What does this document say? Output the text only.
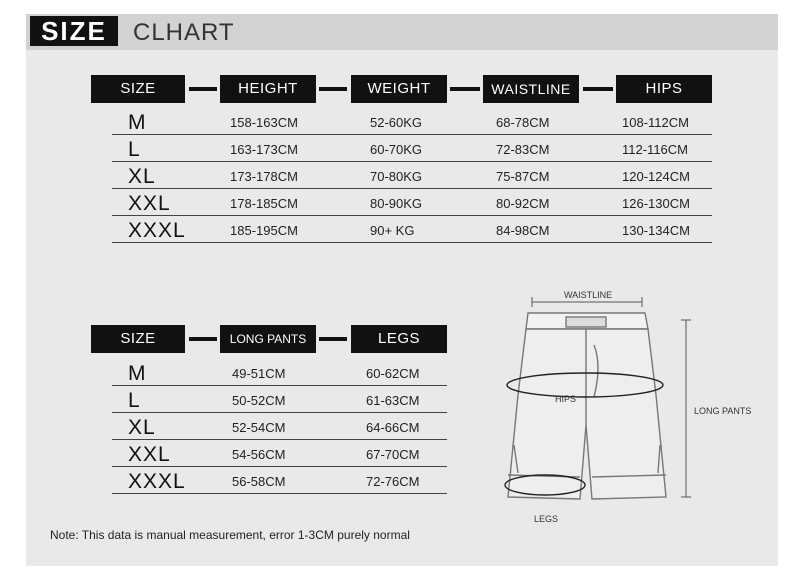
SIZE	CLHART
SIZE	HEIGHT	WEIGHT	WAISTLINE	HIPS
M	158-163CM	52-60KG	68-78CM	108-112CM
L	163-173CM	60-70KG	72-83CM	112-116CM
XL	173-178CM	70-80KG	75-87CM	120-124CM
XXL	178-185CM	80-90KG	80-92CM	126-130CM
XXXL	185-195CM	90+ KG	84-98CM	130-134CM
SIZE	LONG PANTS	LEGS
M	49-51CM	60-62CM
L	50-52CM	61-63CM
XL	52-54CM	64-66CM
XXL	54-56CM	67-70CM
XXXL	56-58CM	72-76CM
WAISTLINE
HIPS
LONG PANTS
LEGS
Note: This data is manual measurement, error 1-3CM purely normal
